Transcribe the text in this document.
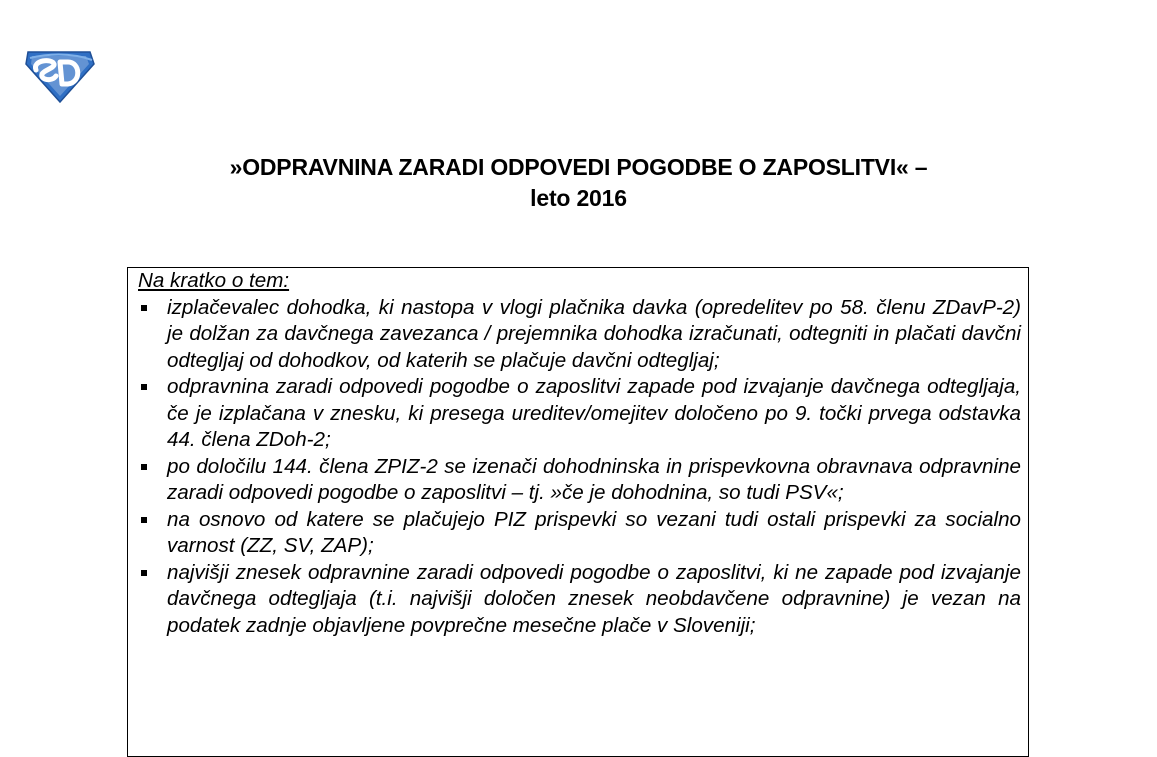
»ODPRAVNINA ZARADI ODPOVEDI POGODBE O ZAPOSLITVI« –
leto 2016
Na kratko o tem:
izplačevalec dohodka, ki nastopa v vlogi plačnika davka (opredelitev po 58. členu ZDavP-2) je dolžan za davčnega zavezanca / prejemnika dohodka izračunati, odtegniti in plačati davčni odtegljaj od dohodkov, od katerih se plačuje davčni odtegljaj;
odpravnina zaradi odpovedi pogodbe o zaposlitvi zapade pod izvajanje davčnega odtegljaja, če je izplačana v znesku, ki presega ureditev/omejitev določeno po 9. točki prvega odstavka 44. člena ZDoh-2;
po določilu 144. člena ZPIZ-2 se izenači dohodninska in prispevkovna obravnava odpravnine zaradi odpovedi pogodbe o zaposlitvi – tj. »če je dohodnina, so tudi PSV«;
na osnovo od katere se plačujejo PIZ prispevki so vezani tudi ostali prispevki za socialno varnost (ZZ, SV, ZAP);
najvišji znesek odpravnine zaradi odpovedi pogodbe o zaposlitvi, ki ne zapade pod izvajanje davčnega odtegljaja (t.i. najvišji določen znesek neobdavčene odpravnine) je vezan na podatek zadnje objavljene povprečne mesečne plače v Sloveniji;
